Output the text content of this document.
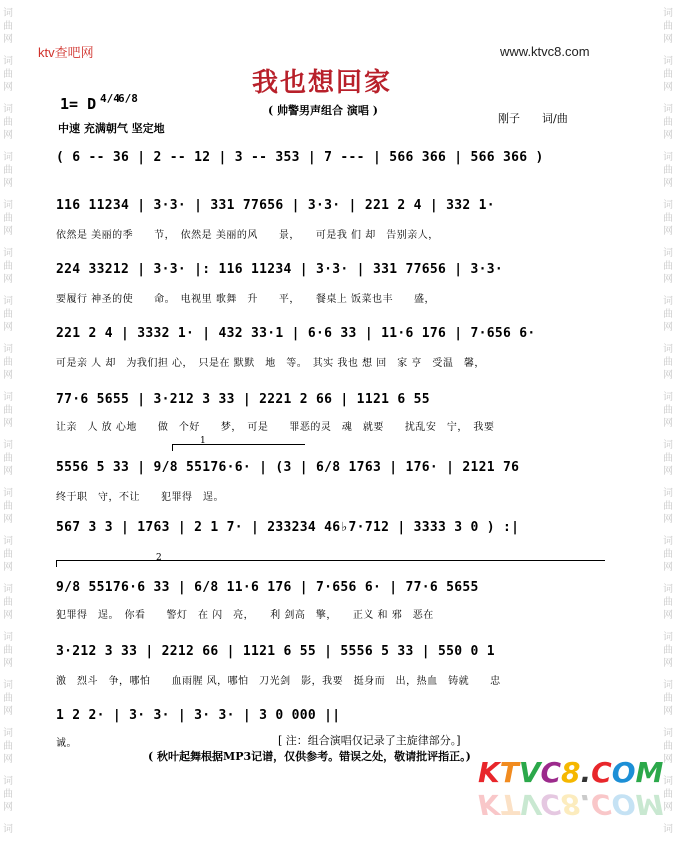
词
曲
网
词
曲
网
词
曲
网
词
曲
网
词
曲
网
词
曲
网
词
曲
网
词
曲
网
词
曲
网
词
曲
网
词
曲
网
词
曲
网
词
曲
网
词
曲
网
词
曲
网
词
曲
网
词
曲
网
词
词
曲
网
词
曲
网
词
曲
网
词
曲
网
词
曲
网
词
曲
网
词
曲
网
词
曲
网
词
曲
网
词
曲
网
词
曲
网
词
曲
网
词
曲
网
词
曲
网
词
曲
网
词
曲
网
词
曲
网
词
ktv查吧网	www.ktvc8.com
我也想回家
( 帅警男声组合 演唱 )
刚子　　词/曲
1= D 4/4
6/8
中速 充满朝气 坚定地
( 6 -- 36 | 2 -- 12 | 3 -- 353 | 7 --- | 566 366 | 566 366 )
116 11234 | 3·3· | 331 77656 | 3·3· | 221 2 4 | 332 1·
依然是 美丽的季　　节，　依然是 美丽的风　　景，　　可是我 们 却　告别亲人，
224 33212 | 3·3· |: 116 11234 | 3·3· | 331 77656 | 3·3·
要履行 神圣的使　　命。　电视里 歌舞　升　　平，　　餐桌上 饭菜也丰　　盛，
221 2 4 | 3332 1· | 432 33·1 | 6·6 33 | 11·6 176 | 7·656 6·
可是亲 人 却　为我们担 心，　只是在 默默　地　等。　其实 我也 想 回　家 亨　受温　馨，
77·6 5655 | 3·212 3 33 | 2221 2 66 | 1121 6 55
让亲　人 放 心地　　做　个好　　梦，　可是　　罪恶的灵　魂　就要　　扰乱安　宁，　我要
1
5556 5 33 | 9/8 55176·6· | (3 | 6/8 1763 | 176· | 2121 76
终于职　守，不让　　犯罪得　逞。
567 3 3 | 1763 | 2 1 7· | 233234 46♭7·712 | 3333 3 0 ) :|
2
9/8 55176·6 33 | 6/8 11·6 176 | 7·656 6· | 77·6 5655
犯罪得　逞。　你看　　警灯　在 闪　亮，　　利 剑高　擎，　　正义 和 邪　恶在
3·212 3 33 | 2212 66 | 1121 6 55 | 5556 5 33 | 550 0 1
激　烈斗　争，哪怕　　血雨腥 风，哪怕　刀光剑　影，我要　挺身而　出，热血　铸就　　忠
1 2 2· | 3· 3· | 3· 3· | 3 0 000 ||
诚。	[ 注：组合演唱仅记录了主旋律部分。]
( 秋叶起舞根据MP3记谱，仅供参考。错误之处，敬请批评指正。) KTVC8.COM
KTVC8.COM
